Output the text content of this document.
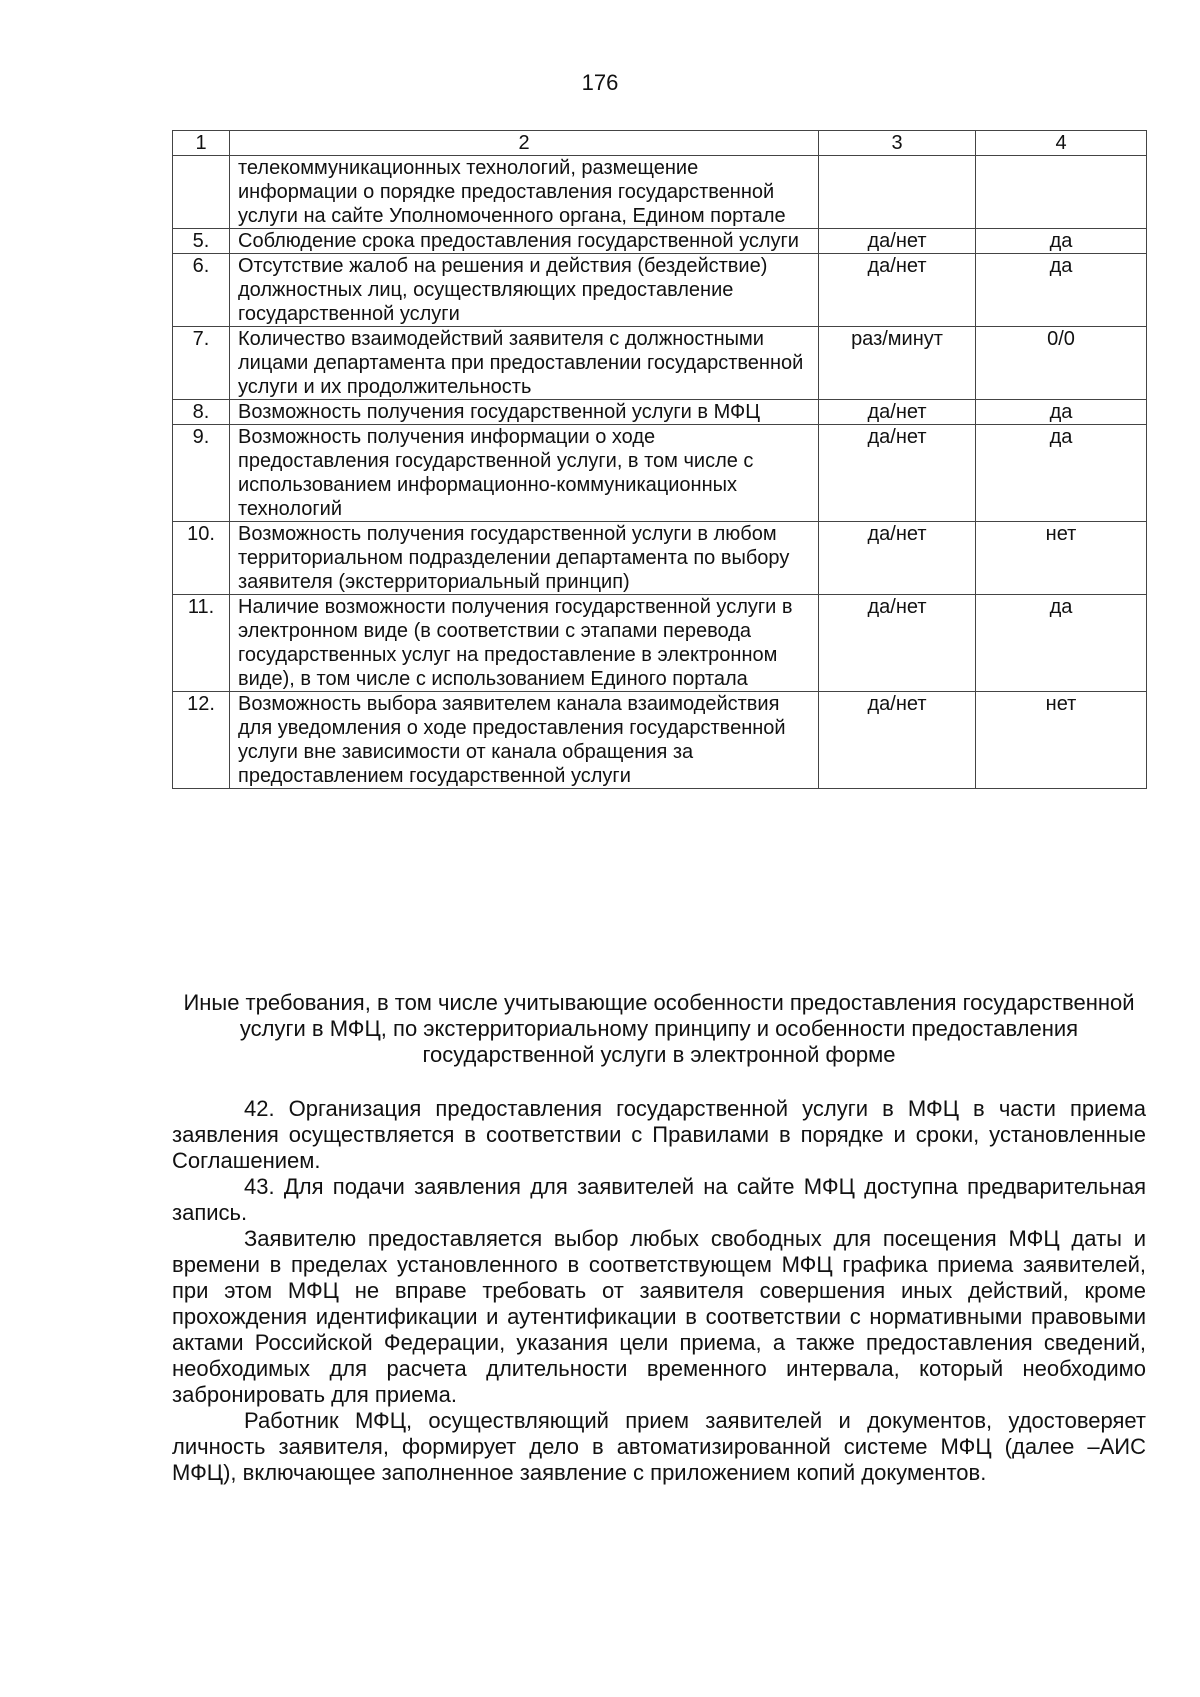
176
1	2	3	4
	телекоммуникационных технологий, размещение информации о порядке предоставления государственной услуги на сайте Уполномоченного органа, Едином портале		
5.	Соблюдение срока предоставления государственной услуги	да/нет	да
6.	Отсутствие жалоб на решения и действия (бездействие) должностных лиц, осуществляющих предоставление государственной услуги	да/нет	да
7.	Количество взаимодействий заявителя с должностными лицами департамента при предоставлении государственной услуги и их продолжительность	раз/минут	0/0
8.	Возможность получения государственной услуги в МФЦ	да/нет	да
9.	Возможность получения информации о ходе предоставления государственной услуги, в том числе с использованием информационно-коммуникационных технологий	да/нет	да
10.	Возможность получения государственной услуги в любом территориальном подразделении департамента по выбору заявителя (экстерриториальный принцип)	да/нет	нет
11.	Наличие возможности получения государственной услуги в электронном виде (в соответствии с этапами перевода государственных услуг на предоставление в электронном виде), в том числе с использованием Единого портала	да/нет	да
12.	Возможность выбора заявителем канала взаимодействия для уведомления о ходе предоставления государственной услуги вне зависимости от канала обращения за предоставлением государственной услуги	да/нет	нет
Иные требования, в том числе учитывающие особенности предоставления государственной услуги в МФЦ, по экстерриториальному принципу и особенности предоставления государственной услуги в электронной форме

42. Организация предоставления государственной услуги в МФЦ в части приема заявления осуществляется в соответствии с Правилами в порядке и сроки, установленные Соглашением.

43. Для подачи заявления для заявителей на сайте МФЦ доступна предварительная запись.

Заявителю предоставляется выбор любых свободных для посещения МФЦ даты и времени в пределах установленного в соответствующем МФЦ графика приема заявителей, при этом МФЦ не вправе требовать от заявителя совершения иных действий, кроме прохождения идентификации и аутентификации в соответствии с нормативными правовыми актами Российской Федерации, указания цели приема, а также предоставления сведений, необходимых для расчета длительности временного интервала, который необходимо забронировать для приема.

Работник МФЦ, осуществляющий прием заявителей и документов, удостоверяет личность заявителя, формирует дело в автоматизированной системе МФЦ (далее –АИС МФЦ), включающее заполненное заявление с приложением копий документов.
